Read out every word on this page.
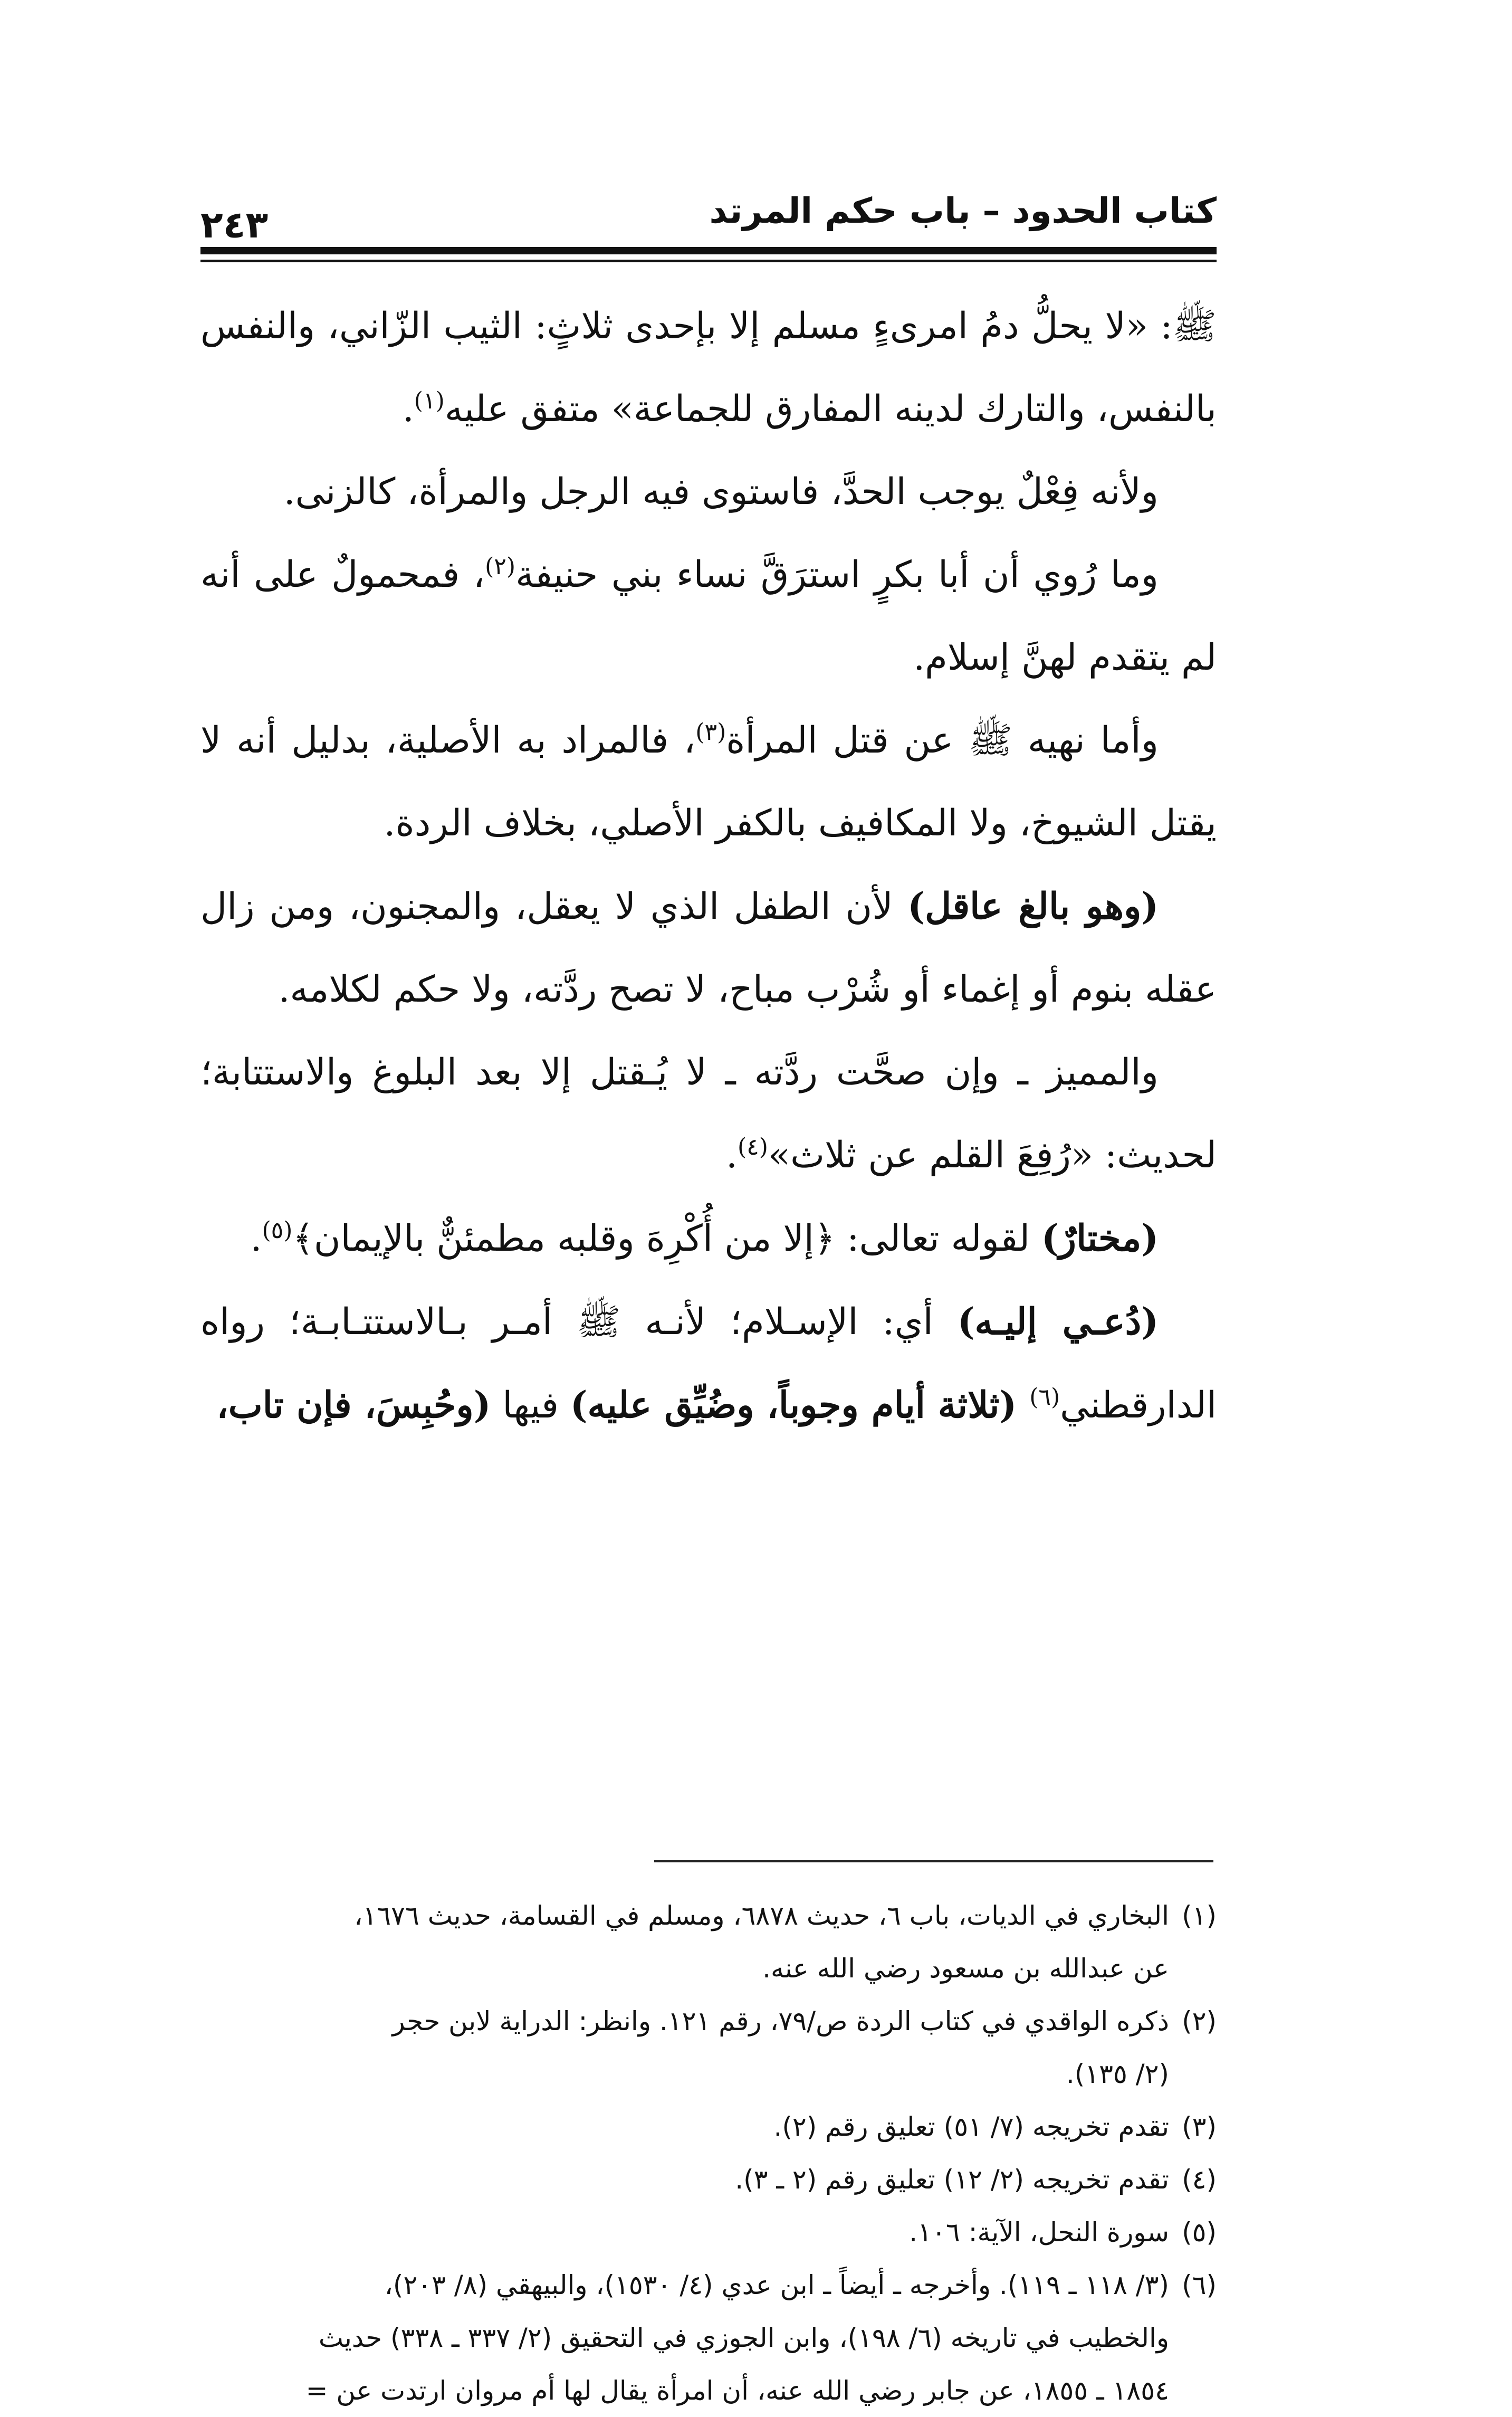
كتاب الحدود – باب حكم المرتد
٢٤٣

ﷺ: «لا يحلُّ دمُ امرىءٍ مسلم إلا بإحدى ثلاثٍ: الثيب الزّاني، والنفس بالنفس، والتارك لدينه المفارق للجماعة» متفق عليه$^{(١)}$.

ولأنه فِعْلٌ يوجب الحدَّ، فاستوى فيه الرجل والمرأة، كالزنى.

وما رُوي أن أبا بكرٍ استرَقَّ نساء بني حنيفة$^{(٢)}$، فمحمولٌ على أنه لم يتقدم لهنَّ إسلام.

وأما نهيه ﷺ عن قتل المرأة$^{(٣)}$، فالمراد به الأصلية، بدليل أنه لا يقتل الشيوخ، ولا المكافيف بالكفر الأصلي، بخلاف الردة.

(وهو بالغ عاقل) لأن الطفل الذي لا يعقل، والمجنون، ومن زال عقله بنوم أو إغماء أو شُرْب مباح، لا تصح ردَّته، ولا حكم لكلامه.

والمميز ـ وإن صحَّت ردَّته ـ لا يُـقتل إلا بعد البلوغ والاستتابة؛ لحديث: «رُفِعَ القلم عن ثلاث»$^{(٤)}$.

(مختارٌ) لقوله تعالى: ﴿إلا من أُكْرِهَ وقلبه مطمئنٌّ بالإيمان﴾$^{(٥)}$.

(دُعـي إليـه) أي: الإسـلام؛ لأنـه ﷺ أمـر بـالاستتـابـة؛ رواه الدارقطني$^{(٦)}$ (ثلاثة أيام وجوباً، وضُيِّق عليه) فيها (وحُبِسَ، فإن تاب،

(١)البخاري في الديات، باب ٦، حديث ٦٨٧٨، ومسلم في القسامة، حديث ١٦٧٦،

عن عبدالله بن مسعود رضي الله عنه.

(٢)ذكره الواقدي في كتاب الردة ص/٧٩، رقم ١٢١. وانظر: الدراية لابن حجر

(٢/ ١٣٥).

(٣)تقدم تخريجه (٧/ ٥١) تعليق رقم (٢).

(٤)تقدم تخريجه (٢/ ١٢) تعليق رقم (٢ ـ ٣).

(٥)سورة النحل، الآية: ١٠٦.

(٦)(٣/ ١١٨ ـ ١١٩). وأخرجه ـ أيضاً ـ ابن عدي (٤/ ١٥٣٠)، والبيهقي (٨/ ٢٠٣)،

والخطيب في تاريخه (٦/ ١٩٨)، وابن الجوزي في التحقيق (٢/ ٣٣٧ ـ ٣٣٨) حديث

١٨٥٤ ـ ١٨٥٥، عن جابر رضي الله عنه، أن امرأة يقال لها أم مروان ارتدت عن =
